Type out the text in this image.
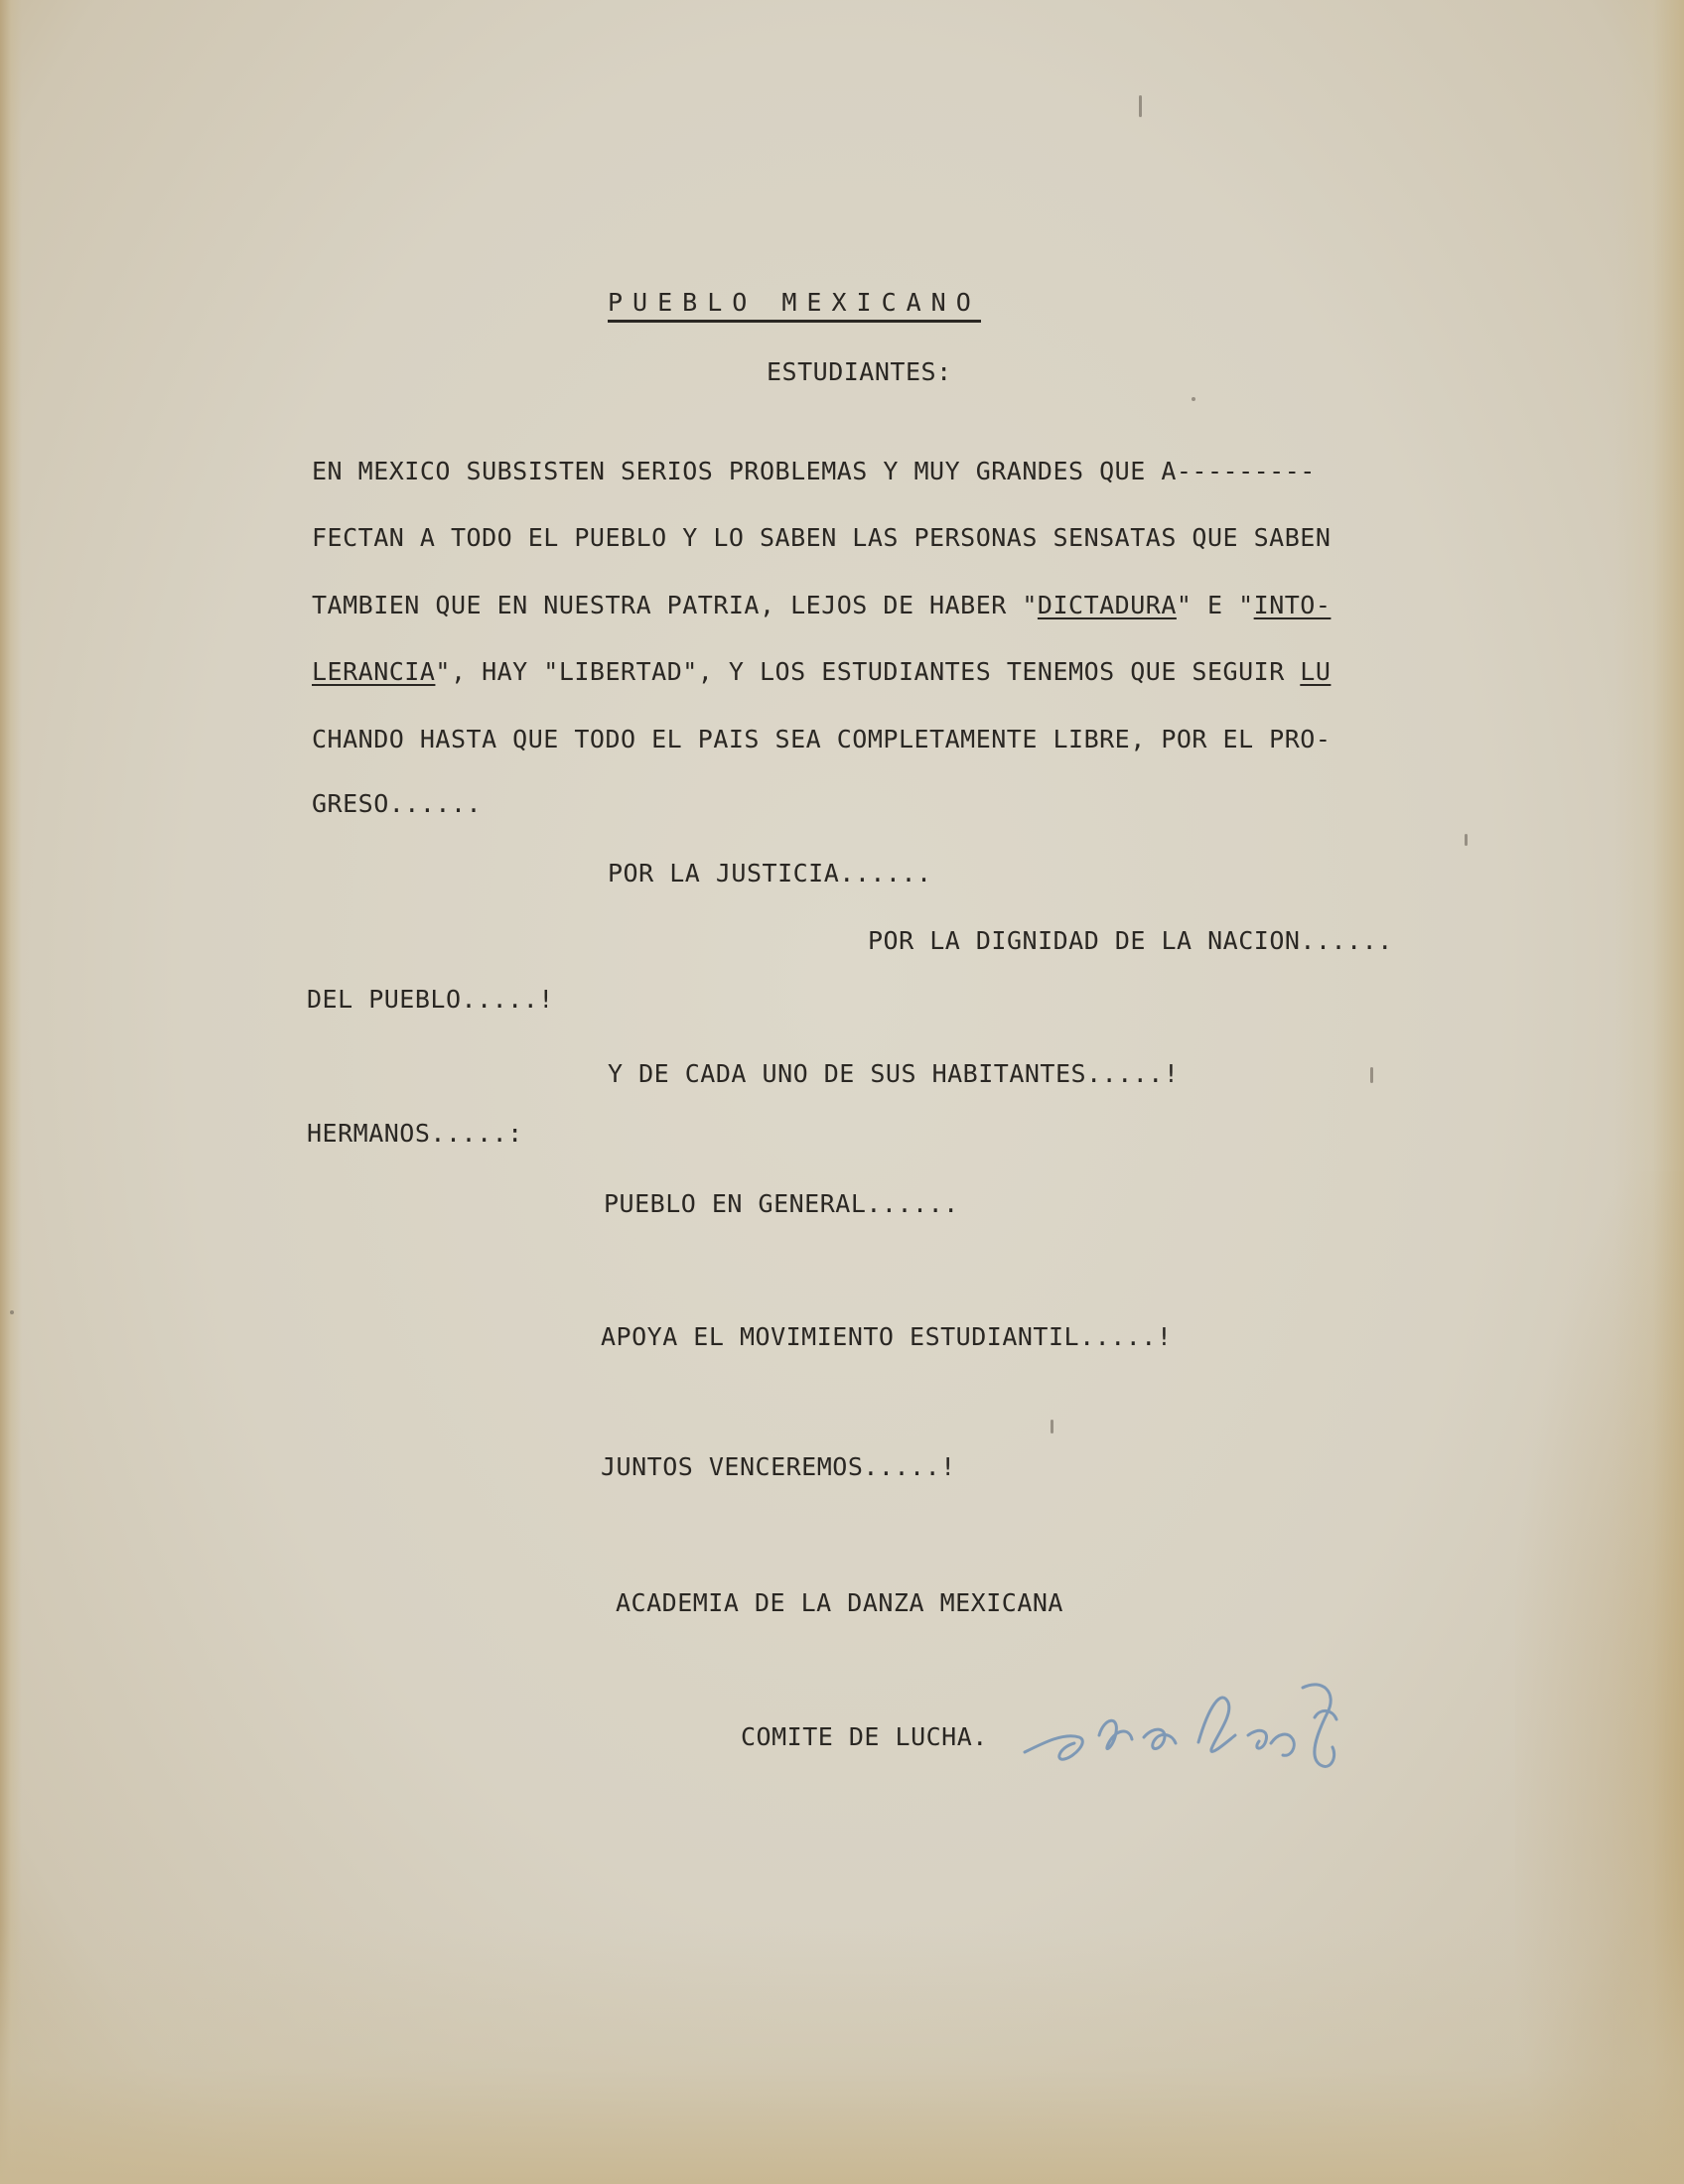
PUEBLO MEXICANO
ESTUDIANTES:
EN MEXICO SUBSISTEN SERIOS PROBLEMAS Y MUY GRANDES QUE A---------
FECTAN A TODO EL PUEBLO Y LO SABEN LAS PERSONAS SENSATAS QUE SABEN
TAMBIEN QUE EN NUESTRA PATRIA, LEJOS DE HABER "DICTADURA" E "INTO-
LERANCIA", HAY "LIBERTAD", Y LOS ESTUDIANTES TENEMOS QUE SEGUIR LU
CHANDO HASTA QUE TODO EL PAIS SEA COMPLETAMENTE LIBRE, POR EL PRO-
GRESO......
POR LA JUSTICIA......
POR LA DIGNIDAD DE LA NACION......
DEL PUEBLO.....!
Y DE CADA UNO DE SUS HABITANTES.....!
HERMANOS.....:
PUEBLO EN GENERAL......
APOYA EL MOVIMIENTO ESTUDIANTIL.....!
JUNTOS VENCEREMOS.....!
ACADEMIA DE LA DANZA MEXICANA
COMITE DE LUCHA.
